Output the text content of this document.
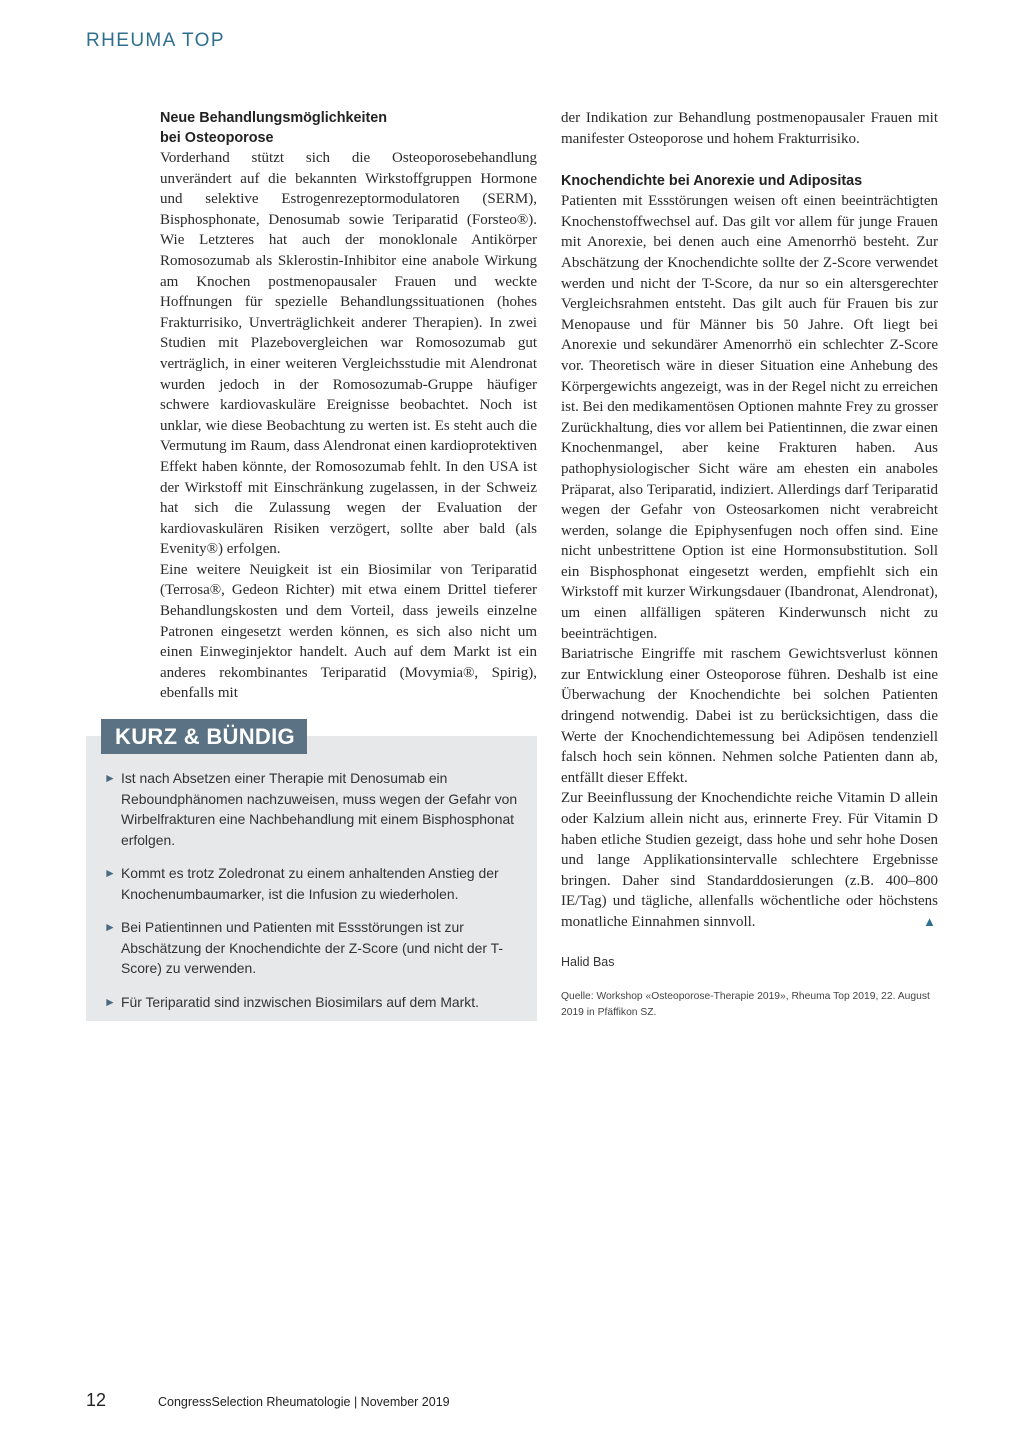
RHEUMA TOP

Neue Behandlungsmöglichkeiten
bei Osteoporose

Vorderhand stützt sich die Osteoporosebehandlung unverändert auf die bekannten Wirkstoffgruppen Hormone und selektive Estrogenrezeptormodulatoren (SERM), Bisphosphonate, Denosumab sowie Teriparatid (Forsteo®). Wie Letzteres hat auch der monoklonale Antikörper Romosozumab als Sklerostin-Inhibitor eine anabole Wirkung am Knochen postmenopausaler Frauen und weckte Hoffnungen für spezielle Behandlungssituationen (hohes Frakturrisiko, Unverträglichkeit anderer Therapien). In zwei Studien mit Plazebovergleichen war Romosozumab gut verträglich, in einer weiteren Vergleichsstudie mit Alendronat wurden jedoch in der Romosozumab-Gruppe häufiger schwere kardiovaskuläre Ereignisse beobachtet. Noch ist unklar, wie diese Beobachtung zu werten ist. Es steht auch die Vermutung im Raum, dass Alendronat einen kardioprotektiven Effekt haben könnte, der Romosozumab fehlt. In den USA ist der Wirkstoff mit Einschränkung zugelassen, in der Schweiz hat sich die Zulassung wegen der Evaluation der kardiovaskulären Risiken verzögert, sollte aber bald (als Evenity®) erfolgen.

Eine weitere Neuigkeit ist ein Biosimilar von Teriparatid (Terrosa®, Gedeon Richter) mit etwa einem Drittel tieferer Behandlungskosten und dem Vorteil, dass jeweils einzelne Patronen eingesetzt werden können, es sich also nicht um einen Einweginjektor handelt. Auch auf dem Markt ist ein anderes rekombinantes Teriparatid (Movymia®, Spirig), ebenfalls mit

KURZ & BÜNDIG
► Ist nach Absetzen einer Therapie mit Denosumab ein Reboundphänomen nachzuweisen, muss wegen der Gefahr von Wirbelfrakturen eine Nachbehandlung mit einem Bisphosphonat erfolgen.
► Kommt es trotz Zoledronat zu einem anhaltenden Anstieg der Knochenumbaumarker, ist die Infusion zu wiederholen.
► Bei Patientinnen und Patienten mit Essstörungen ist zur Abschätzung der Knochendichte der Z-Score (und nicht der T-Score) zu verwenden.
► Für Teriparatid sind inzwischen Biosimilars auf dem Markt.

der Indikation zur Behandlung postmenopausaler Frauen mit manifester Osteoporose und hohem Frakturrisiko.

Knochendichte bei Anorexie und Adipositas

Patienten mit Essstörungen weisen oft einen beeinträchtigten Knochenstoffwechsel auf. Das gilt vor allem für junge Frauen mit Anorexie, bei denen auch eine Amenorrhö besteht. Zur Abschätzung der Knochendichte sollte der Z-Score verwendet werden und nicht der T-Score, da nur so ein altersgerechter Vergleichsrahmen entsteht. Das gilt auch für Frauen bis zur Menopause und für Männer bis 50 Jahre. Oft liegt bei Anorexie und sekundärer Amenorrhö ein schlechter Z-Score vor. Theoretisch wäre in dieser Situation eine Anhebung des Körpergewichts angezeigt, was in der Regel nicht zu erreichen ist. Bei den medikamentösen Optionen mahnte Frey zu grosser Zurückhaltung, dies vor allem bei Patientinnen, die zwar einen Knochenmangel, aber keine Frakturen haben. Aus pathophysiologischer Sicht wäre am ehesten ein anaboles Präparat, also Teriparatid, indiziert. Allerdings darf Teriparatid wegen der Gefahr von Osteosarkomen nicht verabreicht werden, solange die Epiphysenfugen noch offen sind. Eine nicht unbestrittene Option ist eine Hormonsubstitution. Soll ein Bisphosphonat eingesetzt werden, empfiehlt sich ein Wirkstoff mit kurzer Wirkungsdauer (Ibandronat, Alendronat), um einen allfälligen späteren Kinderwunsch nicht zu beeinträchtigen.

Bariatrische Eingriffe mit raschem Gewichtsverlust können zur Entwicklung einer Osteoporose führen. Deshalb ist eine Überwachung der Knochendichte bei solchen Patienten dringend notwendig. Dabei ist zu berücksichtigen, dass die Werte der Knochendichtemessung bei Adipösen tendenziell falsch hoch sein können. Nehmen solche Patienten dann ab, entfällt dieser Effekt.

Zur Beeinflussung der Knochendichte reiche Vitamin D allein oder Kalzium allein nicht aus, erinnerte Frey. Für Vitamin D haben etliche Studien gezeigt, dass hohe und sehr hohe Dosen und lange Applikationsintervalle schlechtere Ergebnisse bringen. Daher sind Standarddosierungen (z.B. 400–800 IE/Tag) und tägliche, allenfalls wöchentliche oder höchstens monatliche Einnahmen sinnvoll.	▲

Halid Bas
Quelle: Workshop «Osteoporose-Therapie 2019», Rheuma Top 2019, 22. August 2019 in Pfäffikon SZ.
12	CongressSelection Rheumatologie | November 2019
